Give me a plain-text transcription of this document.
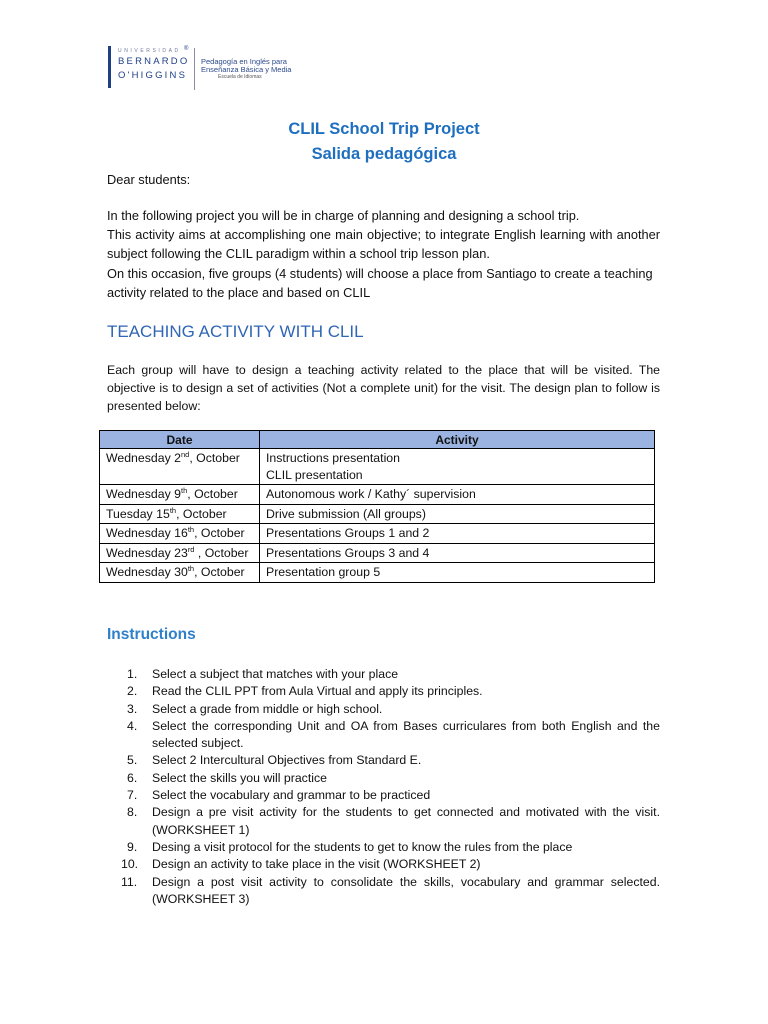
UNIVERSIDAD
BERNARDO
O'HIGGINS
®
Pedagogía en Inglés para
Enseñanza Básica y Media
Escuela de Idiomas
CLIL School Trip Project
Salida pedagógica
Dear students:
In the following project you will be in charge of planning and designing a school trip.
This activity aims at accomplishing one main objective; to integrate English learning with another subject following the CLIL paradigm within a school trip lesson plan.
On this occasion, five groups (4 students) will choose a place from Santiago to create a teaching activity related to the place and based on CLIL
TEACHING ACTIVITY WITH CLIL
Each group will have to design a teaching activity related to the place that will be visited. The objective is to design a set of activities (Not a complete unit) for the visit. The design plan to follow is presented below:
Date	Activity
Wednesday 2nd, October	Instructions presentation
CLIL presentation

Wednesday 9th, October	Autonomous work / Kathy´ supervision

Tuesday 15th, October	Drive submission (All groups)

Wednesday 16th, October	Presentations Groups 1 and 2

Wednesday 23rd , October	Presentations Groups 3 and 4

Wednesday 30th, October	Presentation group 5
Instructions
1.	Select a subject that matches with your place
2.	Read the CLIL PPT from Aula Virtual and apply its principles.
3.	Select a grade from middle or high school.
4.	Select the corresponding Unit and OA from Bases curriculares from both English and the selected subject.
5.	Select 2 Intercultural Objectives from Standard E.
6.	Select the skills you will practice
7.	Select the vocabulary and grammar to be practiced
8.	Design a pre visit activity for the students to get connected and motivated with the visit. (WORKSHEET 1)
9.	Desing a visit protocol for the students to get to know the rules from the place
10.	Design an activity to take place in the visit (WORKSHEET 2)
11.	Design a post visit activity to consolidate the skills, vocabulary and grammar selected. (WORKSHEET 3)
